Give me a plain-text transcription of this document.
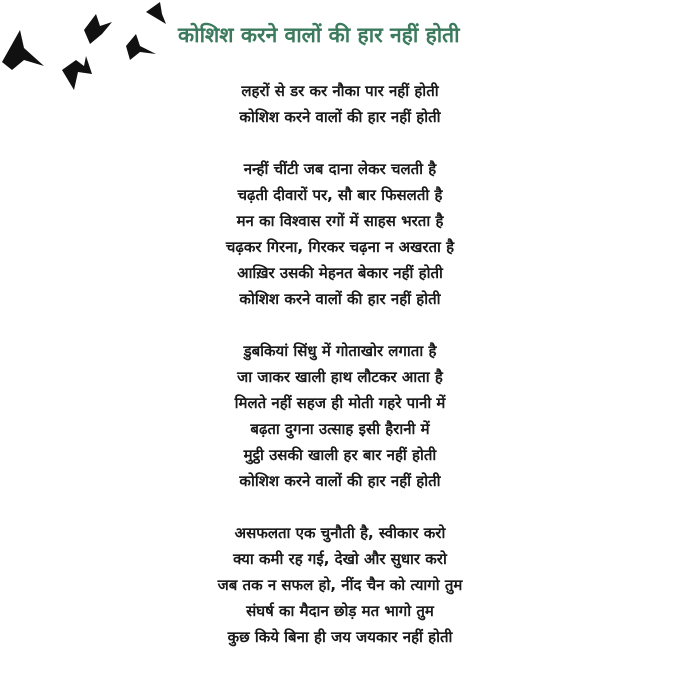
कोशिश करने वालों की हार नहीं होती
लहरों से डर कर नौका पार नहीं होती
कोशिश करने वालों की हार नहीं होती
नन्हीं चींटी जब दाना लेकर चलती है
चढ़ती दीवारों पर, सौ बार फिसलती है
मन का विश्वास रगों में साहस भरता है
चढ़कर गिरना, गिरकर चढ़ना न अखरता है
आख़िर उसकी मेहनत बेकार नहीं होती
कोशिश करने वालों की हार नहीं होती
डुबकियां सिंधु में गोताखोर लगाता है
जा जाकर खाली हाथ लौटकर आता है
मिलते नहीं सहज ही मोती गहरे पानी में
बढ़ता दुगना उत्साह इसी हैरानी में
मुट्ठी उसकी खाली हर बार नहीं होती
कोशिश करने वालों की हार नहीं होती
असफलता एक चुनौती है, स्वीकार करो
क्या कमी रह गई, देखो और सुधार करो
जब तक न सफल हो, नींद चैन को त्यागो तुम
संघर्ष का मैदान छोड़ मत भागो तुम
कुछ किये बिना ही जय जयकार नहीं होती
